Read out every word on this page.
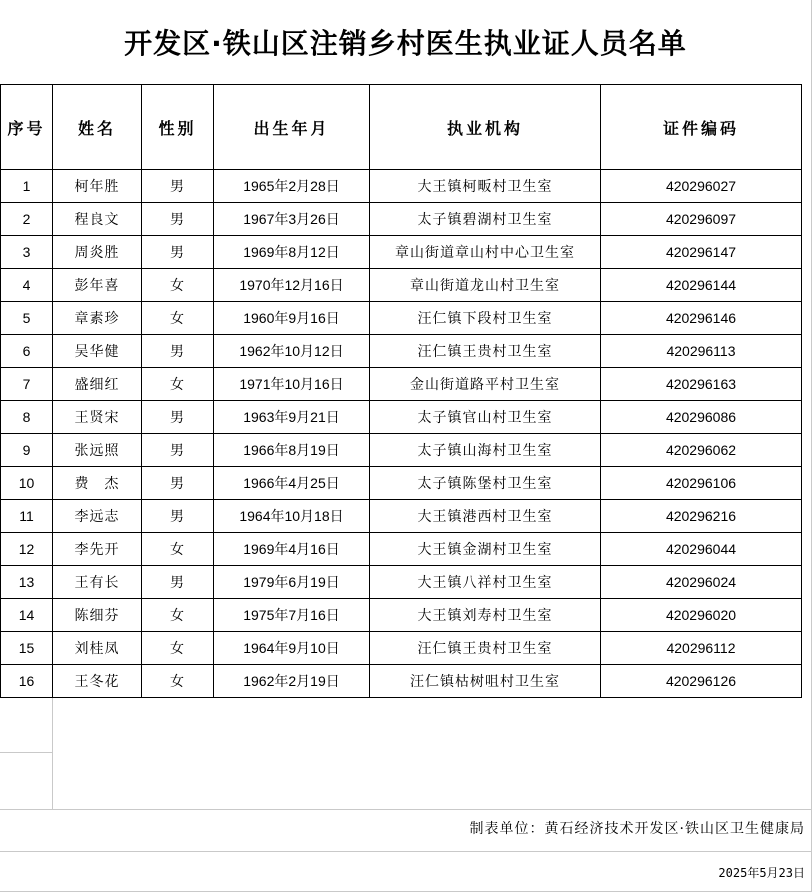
开发区·铁山区注销乡村医生执业证人员名单
序号	姓名	性别	出生年月	执业机构	证件编码
1	柯年胜	男	1965年2月28日	大王镇柯畈村卫生室	420296027
2	程良文	男	1967年3月26日	太子镇碧湖村卫生室	420296097
3	周炎胜	男	1969年8月12日	章山街道章山村中心卫生室	420296147
4	彭年喜	女	1970年12月16日	章山街道龙山村卫生室	420296144
5	章素珍	女	1960年9月16日	汪仁镇下段村卫生室	420296146
6	吴华健	男	1962年10月12日	汪仁镇王贵村卫生室	420296113
7	盛细红	女	1971年10月16日	金山街道路平村卫生室	420296163
8	王贤宋	男	1963年9月21日	太子镇官山村卫生室	420296086
9	张远照	男	1966年8月19日	太子镇山海村卫生室	420296062
10	费　杰	男	1966年4月25日	太子镇陈堡村卫生室	420296106
11	李远志	男	1964年10月18日	大王镇港西村卫生室	420296216
12	李先开	女	1969年4月16日	大王镇金湖村卫生室	420296044
13	王有长	男	1979年6月19日	大王镇八祥村卫生室	420296024
14	陈细芬	女	1975年7月16日	大王镇刘寿村卫生室	420296020
15	刘桂凤	女	1964年9月10日	汪仁镇王贵村卫生室	420296112
16	王冬花	女	1962年2月19日	汪仁镇枯树咀村卫生室	420296126
制表单位：黄石经济技术开发区·铁山区卫生健康局
2025年5月23日
